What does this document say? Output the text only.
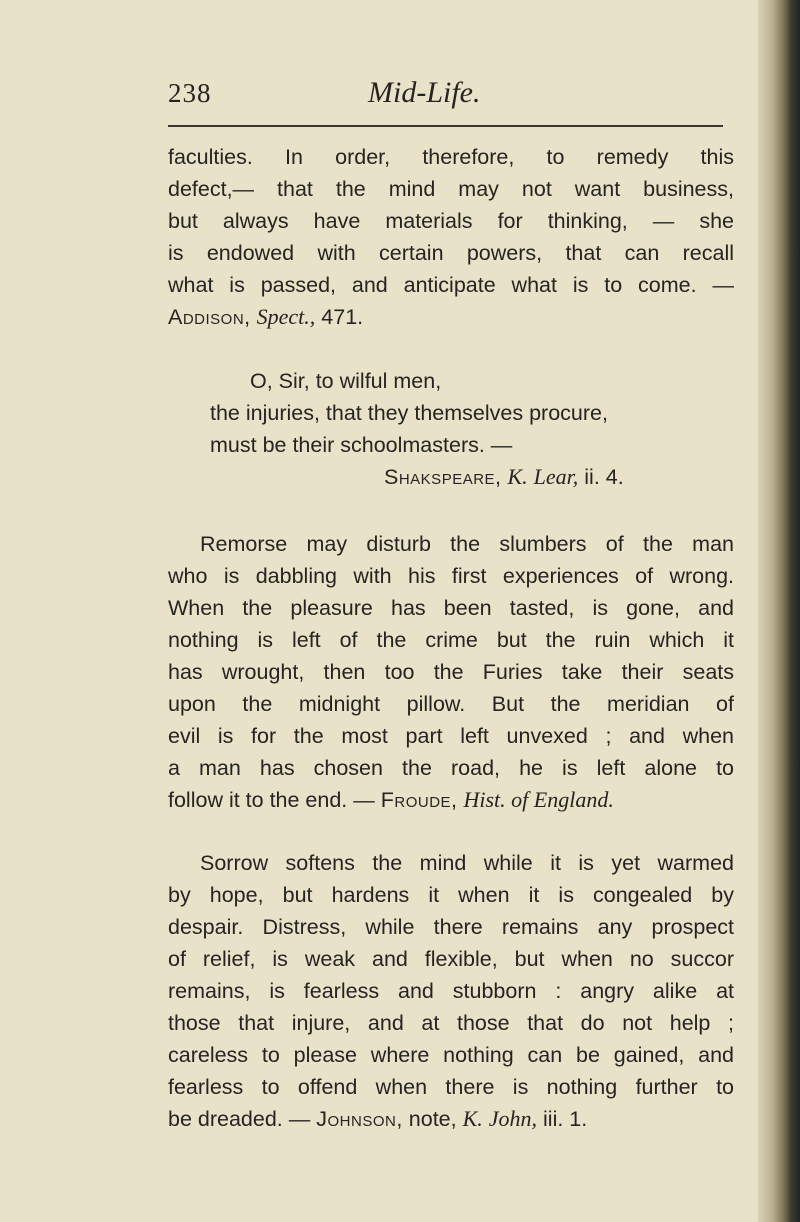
238	Mid-Life.
faculties. In order, therefore, to remedy this
defect,— that the mind may not want business,
but always have materials for thinking, — she
is endowed with certain powers, that can recall
what is passed, and anticipate what is to come. —
Addison, Spect., 471.
O, Sir, to wilful men,
the injuries, that they themselves procure,
must be their schoolmasters. —
Shakspeare, K. Lear, ii. 4.
Remorse may disturb the slumbers of the man
who is dabbling with his first experiences of wrong.
When the pleasure has been tasted, is gone, and
nothing is left of the crime but the ruin which it
has wrought, then too the Furies take their seats
upon the midnight pillow. But the meridian of
evil is for the most part left unvexed ; and when
a man has chosen the road, he is left alone to
follow it to the end. — Froude, Hist. of England.
Sorrow softens the mind while it is yet warmed
by hope, but hardens it when it is congealed by
despair. Distress, while there remains any prospect
of relief, is weak and flexible, but when no succor
remains, is fearless and stubborn : angry alike at
those that injure, and at those that do not help ;
careless to please where nothing can be gained, and
fearless to offend when there is nothing further to
be dreaded. — Johnson, note, K. John, iii. 1.
